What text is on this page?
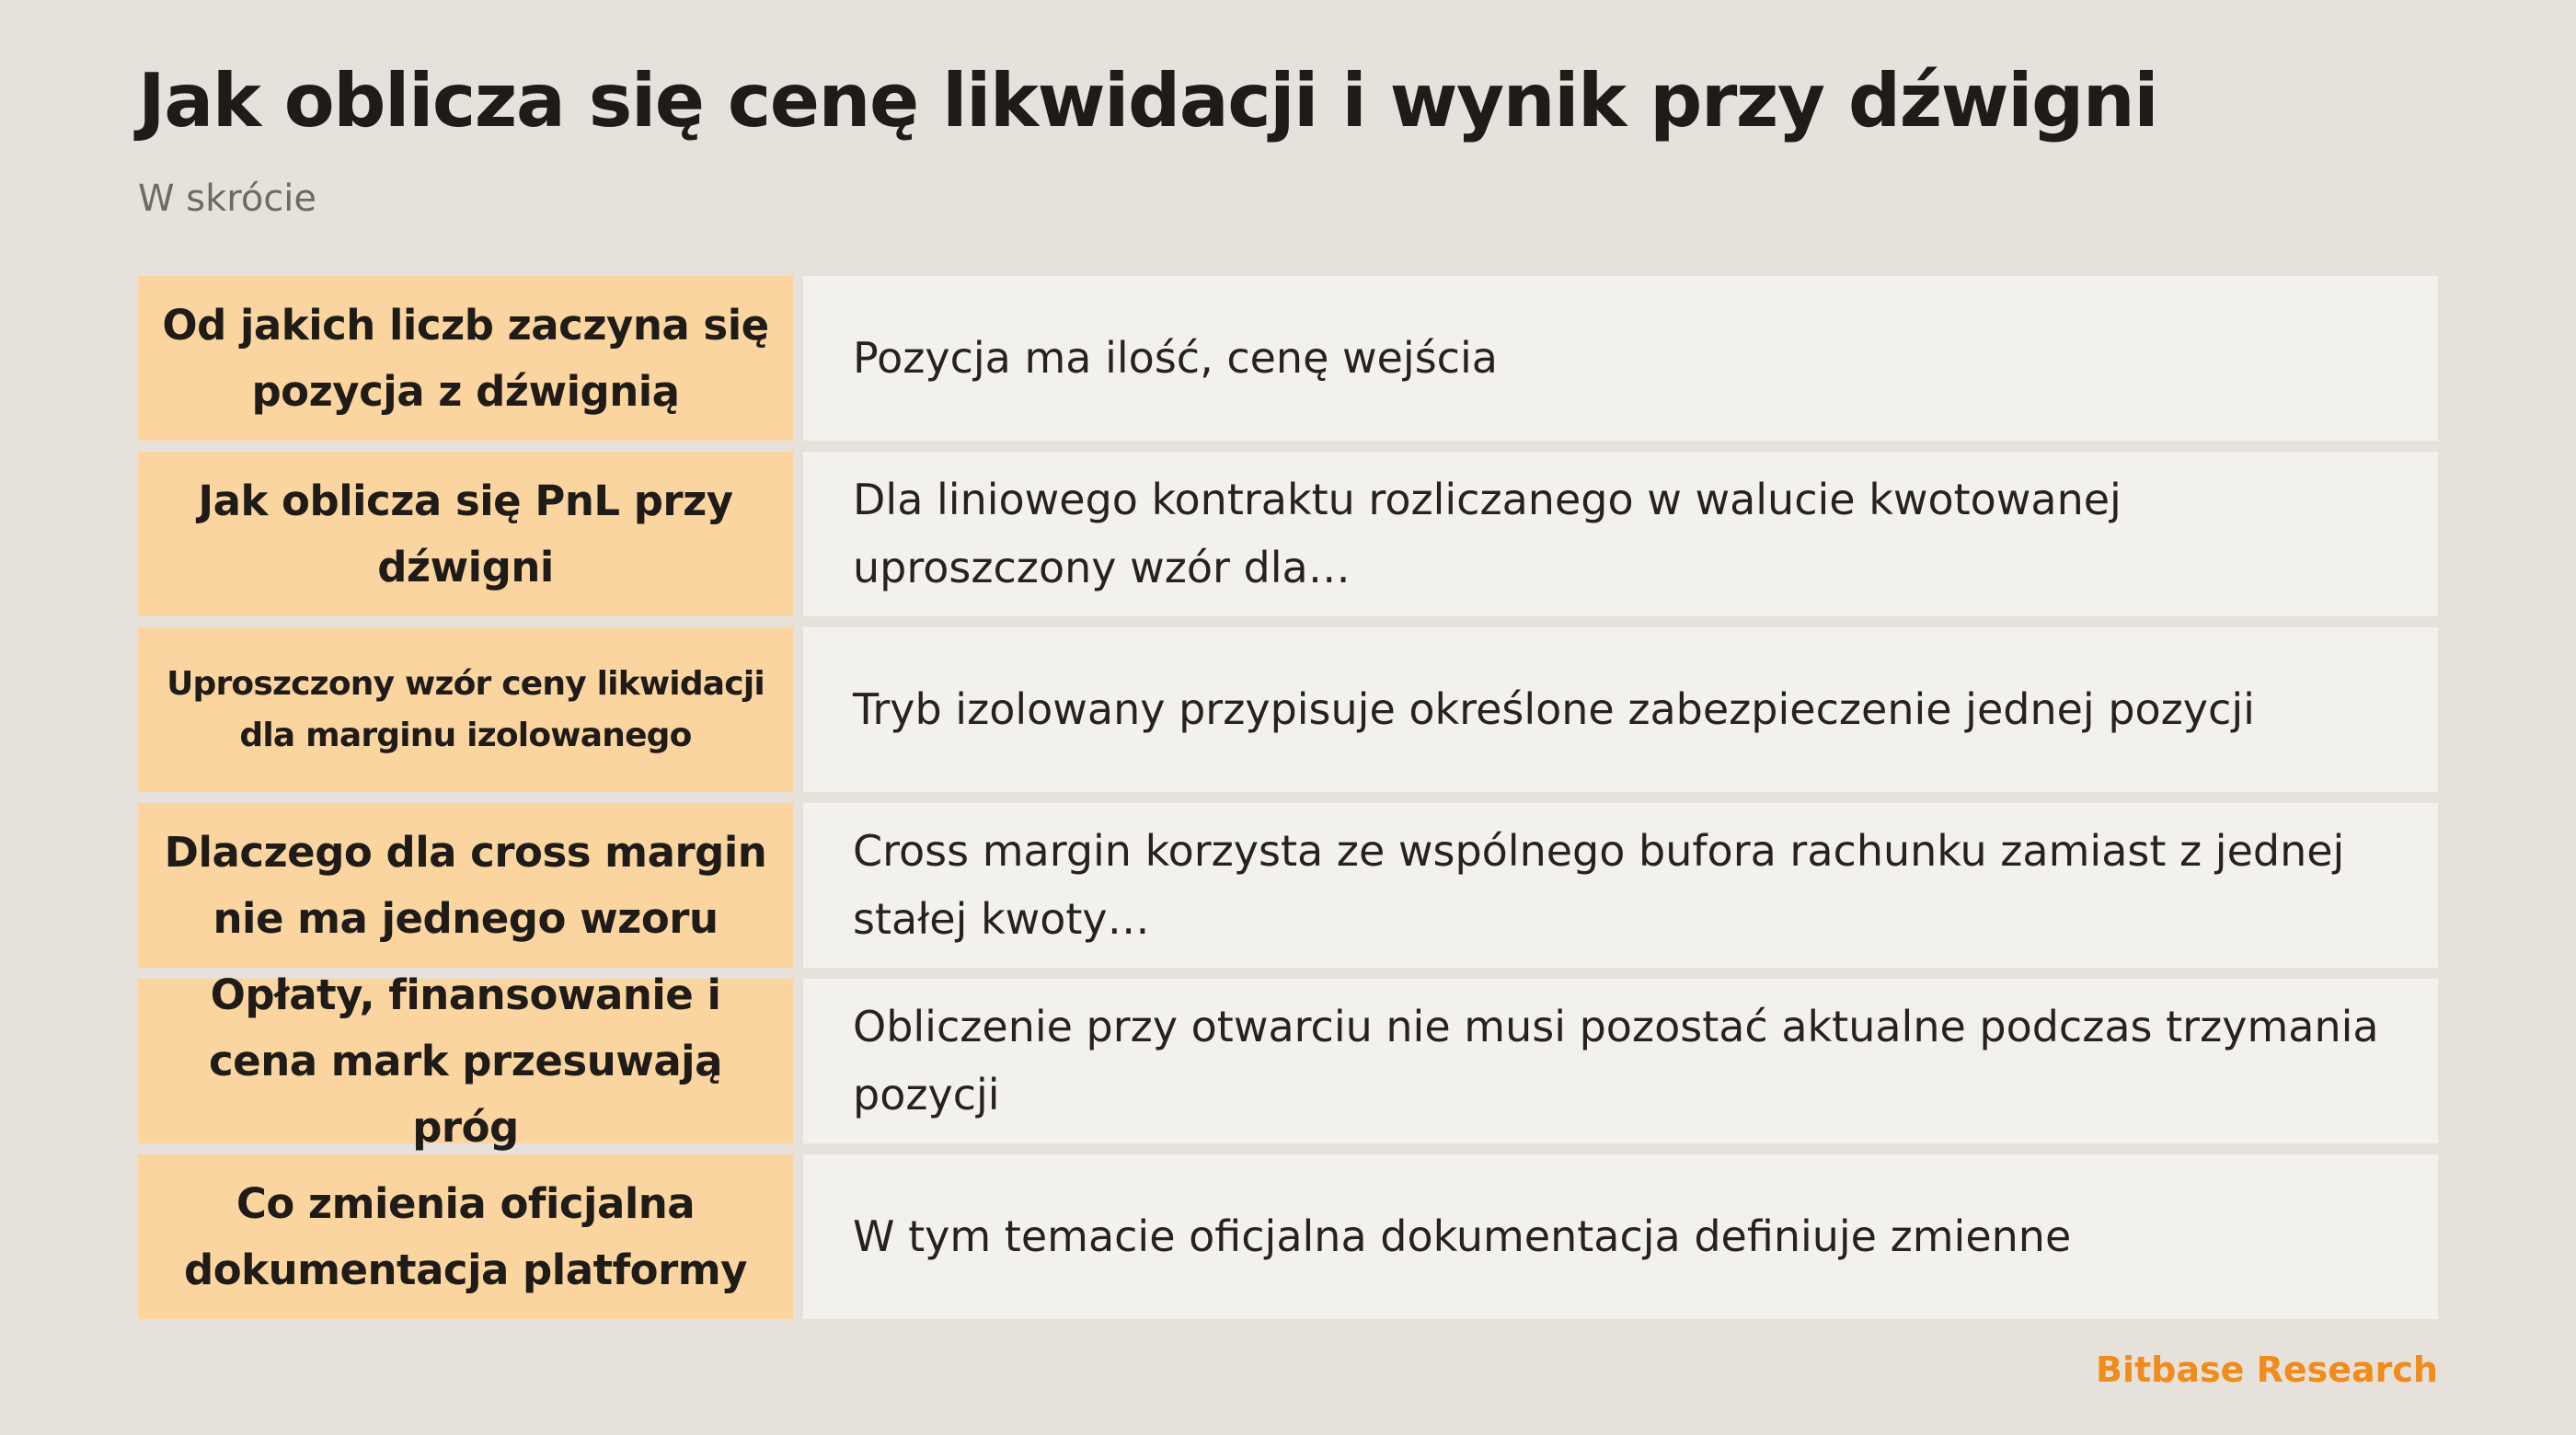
Jak oblicza się cenę likwidacji i wynik przy dźwigni
W skrócie
Od jakich liczb zaczyna się pozycja z dźwignią
Pozycja ma ilość, cenę wejścia
Jak oblicza się PnL przy dźwigni
Dla liniowego kontraktu rozliczanego w walucie kwotowanej uproszczony wzór dla…
Uproszczony wzór ceny likwidacji dla marginu izolowanego
Tryb izolowany przypisuje określone zabezpieczenie jednej pozycji
Dlaczego dla cross margin nie ma jednego wzoru
Cross margin korzysta ze wspólnego bufora rachunku zamiast z jednej stałej kwoty…
Opłaty, finansowanie i cena mark przesuwają próg
Obliczenie przy otwarciu nie musi pozostać aktualne podczas trzymania pozycji
Co zmienia oficjalna dokumentacja platformy
W tym temacie oficjalna dokumentacja definiuje zmienne
Bitbase Research
